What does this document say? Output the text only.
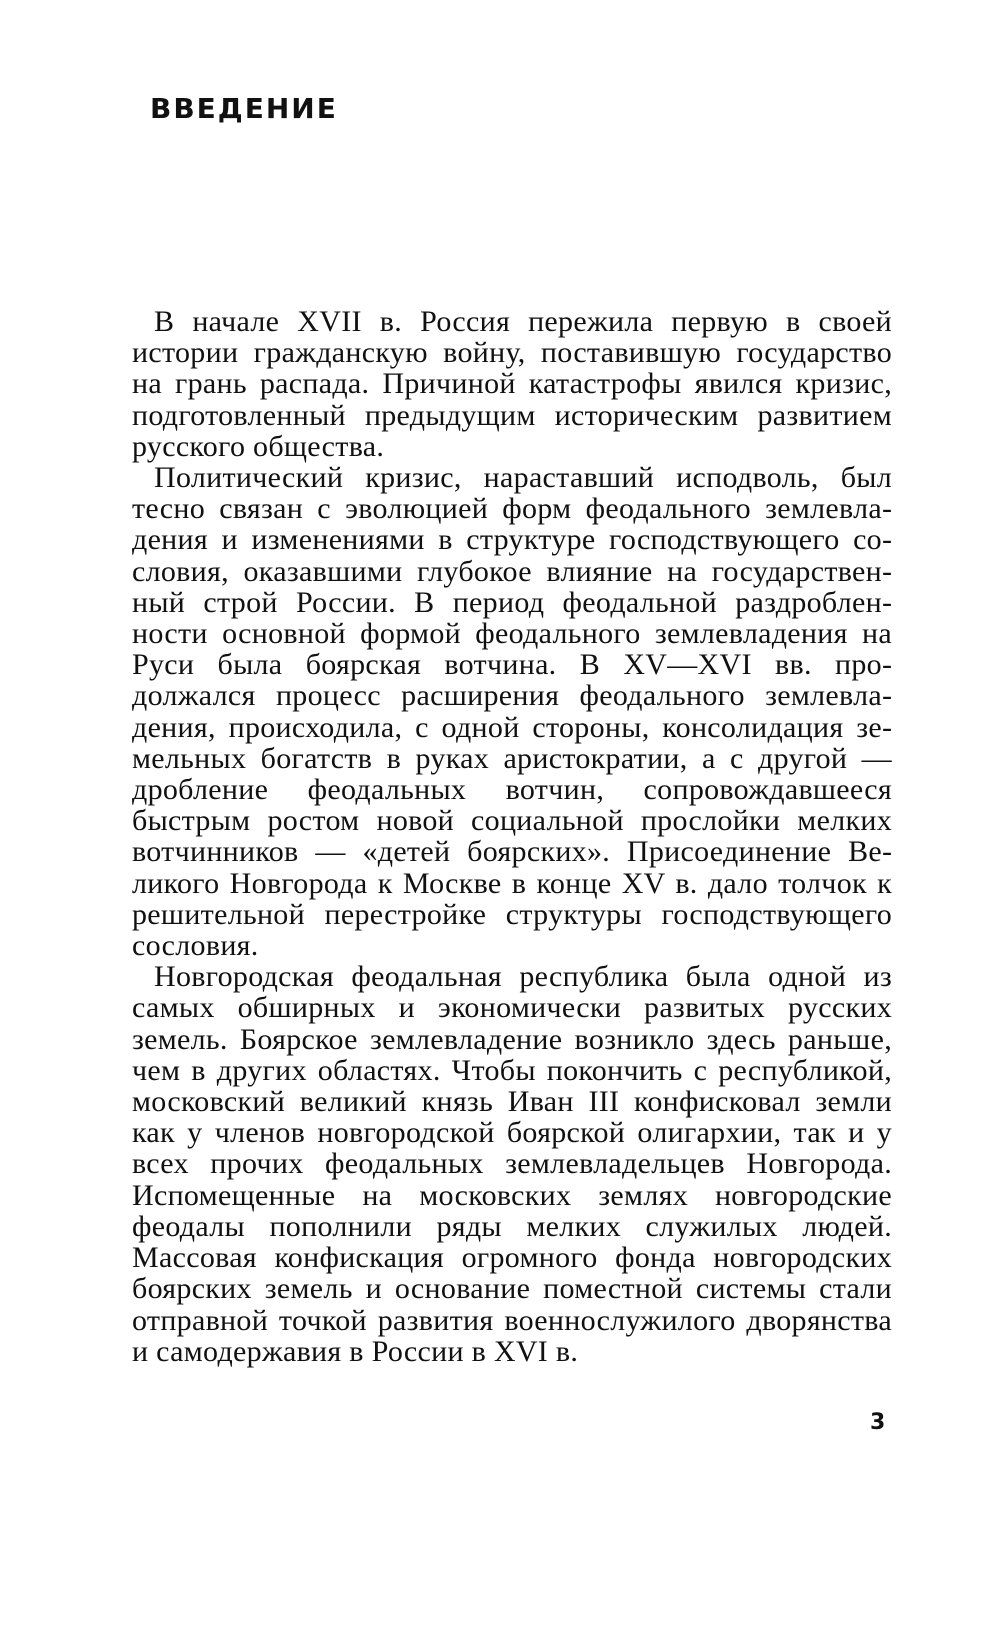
ВВЕДЕНИЕ

В начале XVII в. Россия пережила первую в своей истории гражданскую войну, поставившую государство на грань распада. Причиной катастрофы явился кризис, подготовленный предыдущим историческим развитием русского общества.

Политический кризис, нараставший исподволь, был тесно связан с эволюцией форм феодального землевладения и изменениями в структуре господствующего сословия, оказавшими глубокое влияние на государственный строй России. В период феодальной раздробленности основной формой феодального землевладения на Руси была боярская вотчина. В XV—XVI вв. продолжался процесс расширения феодального землевладения, происходила, с одной стороны, консолидация земельных богатств в руках аристократии, а с другой — дробление феодальных вотчин, сопровождавшееся быстрым ростом новой социальной прослойки мелких вотчинников — «детей боярских». Присоединение Великого Новгорода к Москве в конце XV в. дало толчок к решительной перестройке структуры господствующего сословия.

Новгородская феодальная республика была одной из самых обширных и экономически развитых русских земель. Боярское землевладение возникло здесь раньше, чем в других областях. Чтобы покончить с республикой, московский великий князь Иван III конфисковал земли как у членов новгородской боярской олигархии, так и у всех прочих феодальных землевладельцев Новгорода. Испомещенные на московских землях новгородские феодалы пополнили ряды мелких служилых людей. Массовая конфискация огромного фонда новгородских боярских земель и основание поместной системы стали отправной точкой развития военнослужилого дворянства и самодержавия в России в XVI в.

3
